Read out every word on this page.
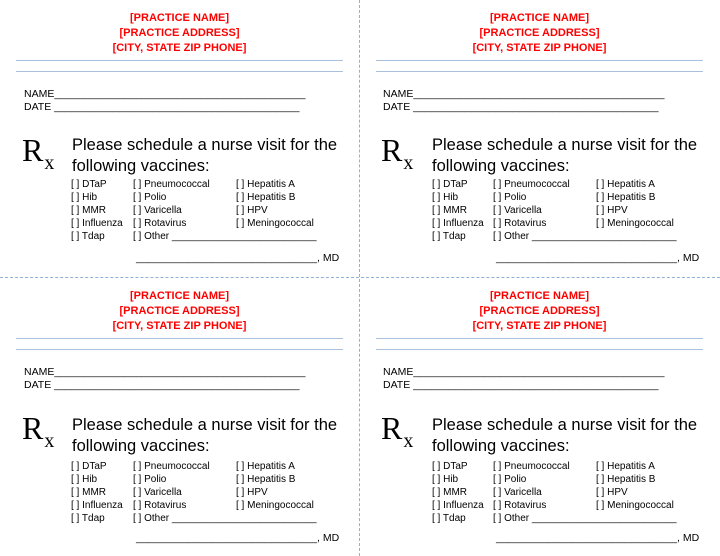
[PRACTICE NAME]
[PRACTICE ADDRESS]
[CITY, STATE ZIP PHONE]
NAME___________________________________________
DATE __________________________________________
$R_x$
Please schedule a nurse visit for the
following vaccines:
[ ] DTaP
[ ] Hib
[ ] MMR
[ ] Influenza
[ ] Tdap
[ ] Pneumococcal
[ ] Polio
[ ] Varicella
[ ] Rotavirus
[ ] Other __________________________
[ ] Hepatitis A
[ ] Hepatitis B
[ ] HPV
[ ] Meningococcal
_______________________________, MD
[PRACTICE NAME]
[PRACTICE ADDRESS]
[CITY, STATE ZIP PHONE]
NAME___________________________________________
DATE __________________________________________
$R_x$
Please schedule a nurse visit for the
following vaccines:
[ ] DTaP
[ ] Hib
[ ] MMR
[ ] Influenza
[ ] Tdap
[ ] Pneumococcal
[ ] Polio
[ ] Varicella
[ ] Rotavirus
[ ] Other __________________________
[ ] Hepatitis A
[ ] Hepatitis B
[ ] HPV
[ ] Meningococcal
_______________________________, MD
[PRACTICE NAME]
[PRACTICE ADDRESS]
[CITY, STATE ZIP PHONE]
NAME___________________________________________
DATE __________________________________________
$R_x$
Please schedule a nurse visit for the
following vaccines:
[ ] DTaP
[ ] Hib
[ ] MMR
[ ] Influenza
[ ] Tdap
[ ] Pneumococcal
[ ] Polio
[ ] Varicella
[ ] Rotavirus
[ ] Other __________________________
[ ] Hepatitis A
[ ] Hepatitis B
[ ] HPV
[ ] Meningococcal
_______________________________, MD
[PRACTICE NAME]
[PRACTICE ADDRESS]
[CITY, STATE ZIP PHONE]
NAME___________________________________________
DATE __________________________________________
$R_x$
Please schedule a nurse visit for the
following vaccines:
[ ] DTaP
[ ] Hib
[ ] MMR
[ ] Influenza
[ ] Tdap
[ ] Pneumococcal
[ ] Polio
[ ] Varicella
[ ] Rotavirus
[ ] Other __________________________
[ ] Hepatitis A
[ ] Hepatitis B
[ ] HPV
[ ] Meningococcal
_______________________________, MD
